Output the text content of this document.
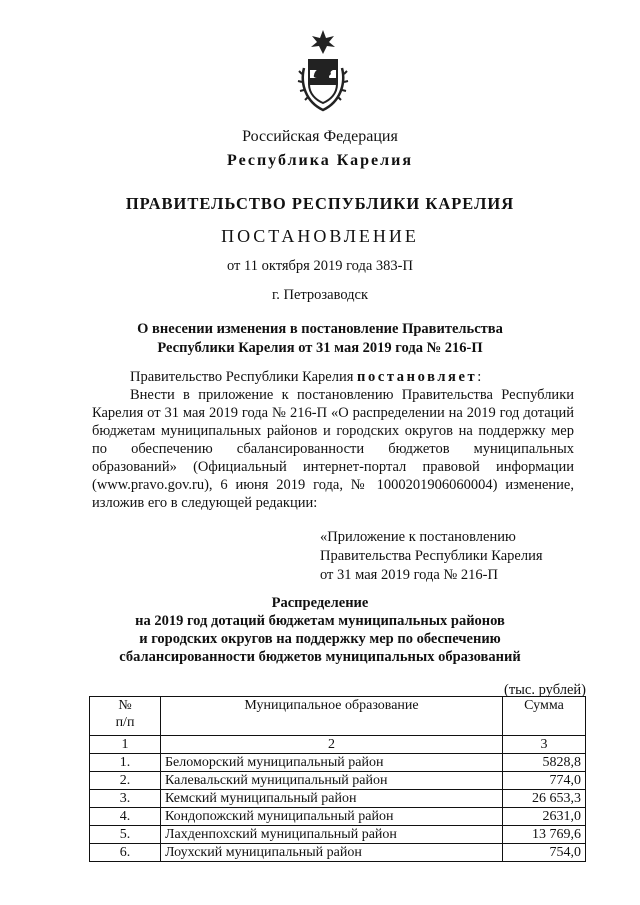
Российская Федерация
Республика Карелия
ПРАВИТЕЛЬСТВО РЕСПУБЛИКИ КАРЕЛИЯ
ПОСТАНОВЛЕНИЕ
от 11 октября 2019 года 383-П
г. Петрозаводск
О внесении изменения в постановление Правительства
Республики Карелия от 31 мая 2019 года № 216-П
Правительство Республики Карелия постановляет:
Внести в приложение к постановлению Правительства Республики Карелия от 31 мая 2019 года № 216-П «О распределении на 2019 год дотаций бюджетам муниципальных районов и городских округов на поддержку мер по обеспечению сбалансированности бюджетов муниципальных образований» (Официальный интернет-портал правовой информации (www.pravo.gov.ru), 6 июня 2019 года, № 1000201906060004) изменение, изложив его в следующей редакции:
«Приложение к постановлению
Правительства Республики Карелия
от 31 мая 2019 года № 216-П
Распределение
на 2019 год дотаций бюджетам муниципальных районов
и городских округов на поддержку мер по обеспечению
сбалансированности бюджетов муниципальных образований
(тыс. рублей)
№
п/п	Муниципальное образование	Сумма
1	2	3
1.	Беломорский муниципальный район	5828,8
2.	Калевальский муниципальный район	774,0
3.	Кемский муниципальный район	26 653,3
4.	Кондопожский муниципальный район	2631,0
5.	Лахденпохский муниципальный район	13 769,6
6.	Лоухский муниципальный район	754,0
